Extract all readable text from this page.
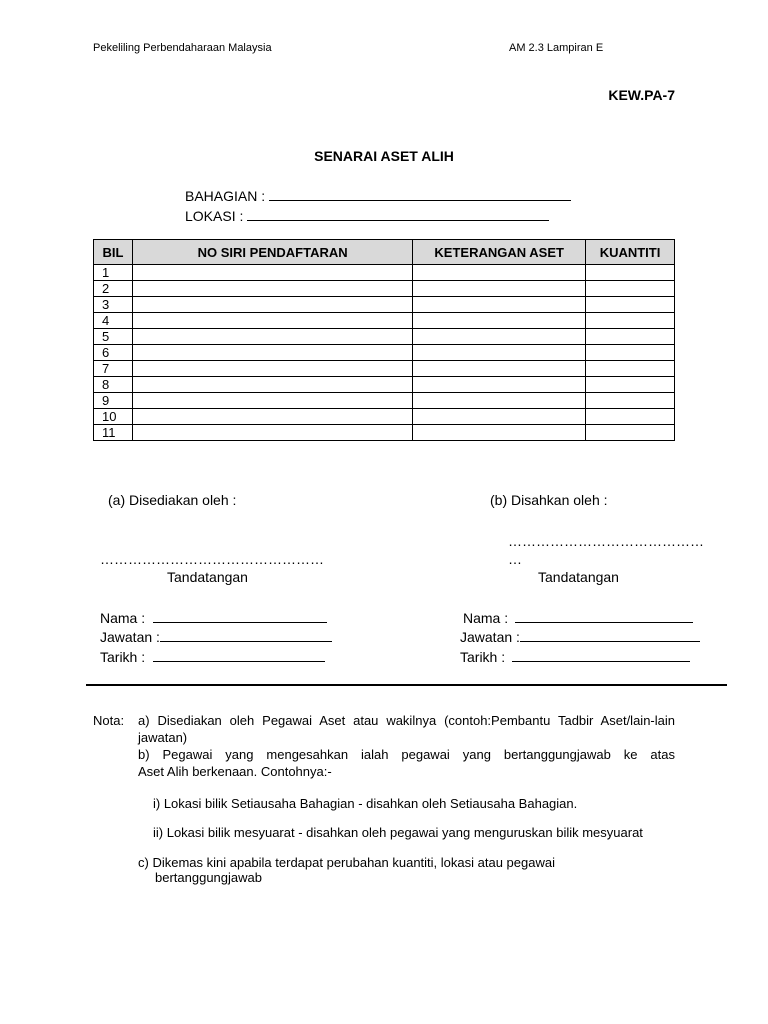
Pekeliling Perbendaharaan Malaysia	AM 2.3 Lampiran E
KEW.PA-7
SENARAI ASET ALIH
BAHAGIAN :
LOKASI :
BIL	NO SIRI PENDAFTARAN	KETERANGAN ASET	KUANTITI
1			
2			
3			
4			
5			
6			
7			
8			
9			
10			
11			
(a) Disediakan oleh :
…………………………………………
Tandatangan
Nama :
Jawatan :
Tarikh :
(b) Disahkan oleh :
……………………………………
…
Tandatangan
Nama :
Jawatan :
Tarikh :
Nota: a) Disediakan oleh Pegawai Aset atau wakilnya (contoh:Pembantu Tadbir Aset/lain-lain
jawatan)
b) Pegawai yang mengesahkan ialah pegawai yang bertanggungjawab ke atas
Aset Alih berkenaan. Contohnya:-
i) Lokasi bilik Setiausaha Bahagian - disahkan oleh Setiausaha Bahagian.
ii) Lokasi bilik mesyuarat - disahkan oleh pegawai yang menguruskan bilik mesyuarat
c) Dikemas kini apabila terdapat perubahan kuantiti, lokasi atau pegawai
bertanggungjawab
